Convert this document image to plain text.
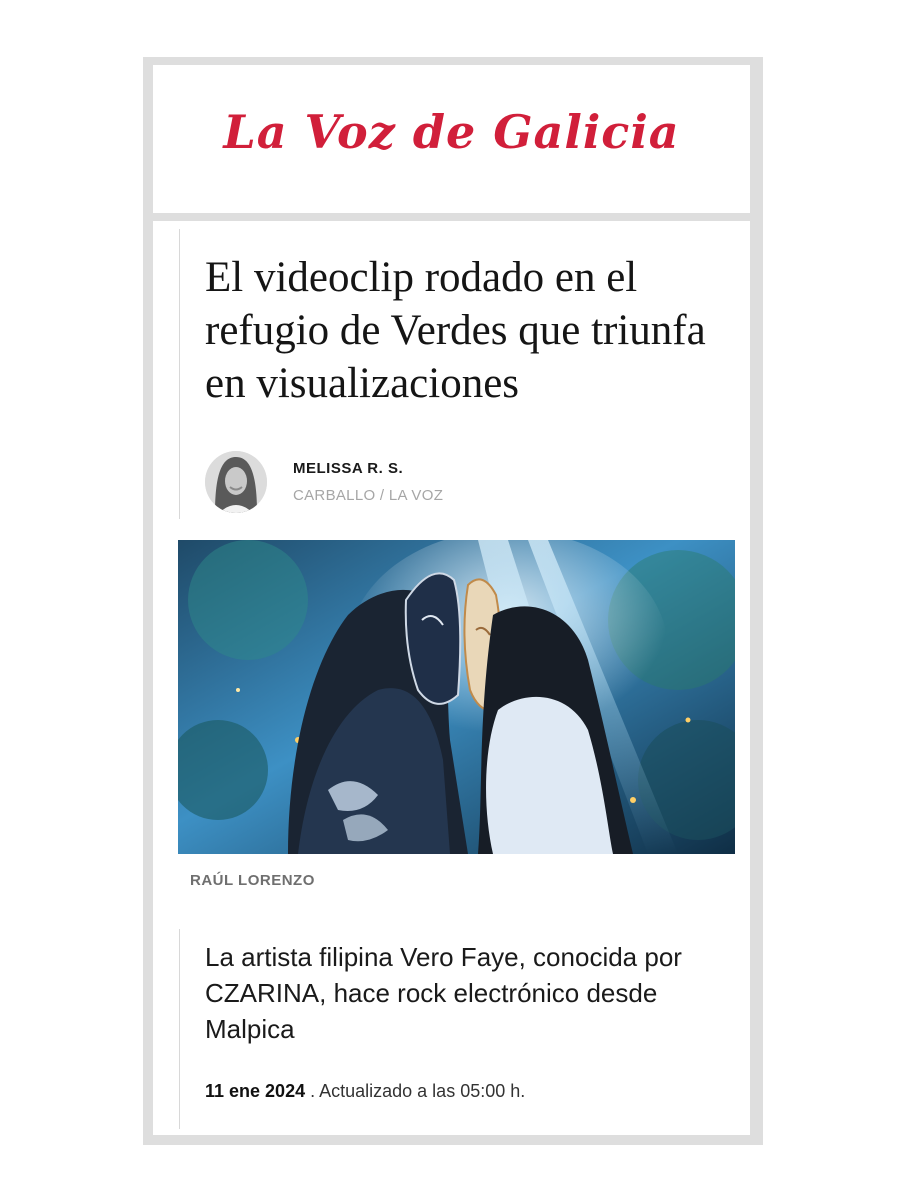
La Voz de Galicia
El videoclip rodado en el refugio de Verdes que triunfa en visualizaciones
MELISSA R. S.
CARBALLO / LA VOZ
RAÚL LORENZO
La artista filipina Vero Faye, conocida por CZARINA, hace rock electrónico desde Malpica
11 ene 2024 . Actualizado a las 05:00 h.
